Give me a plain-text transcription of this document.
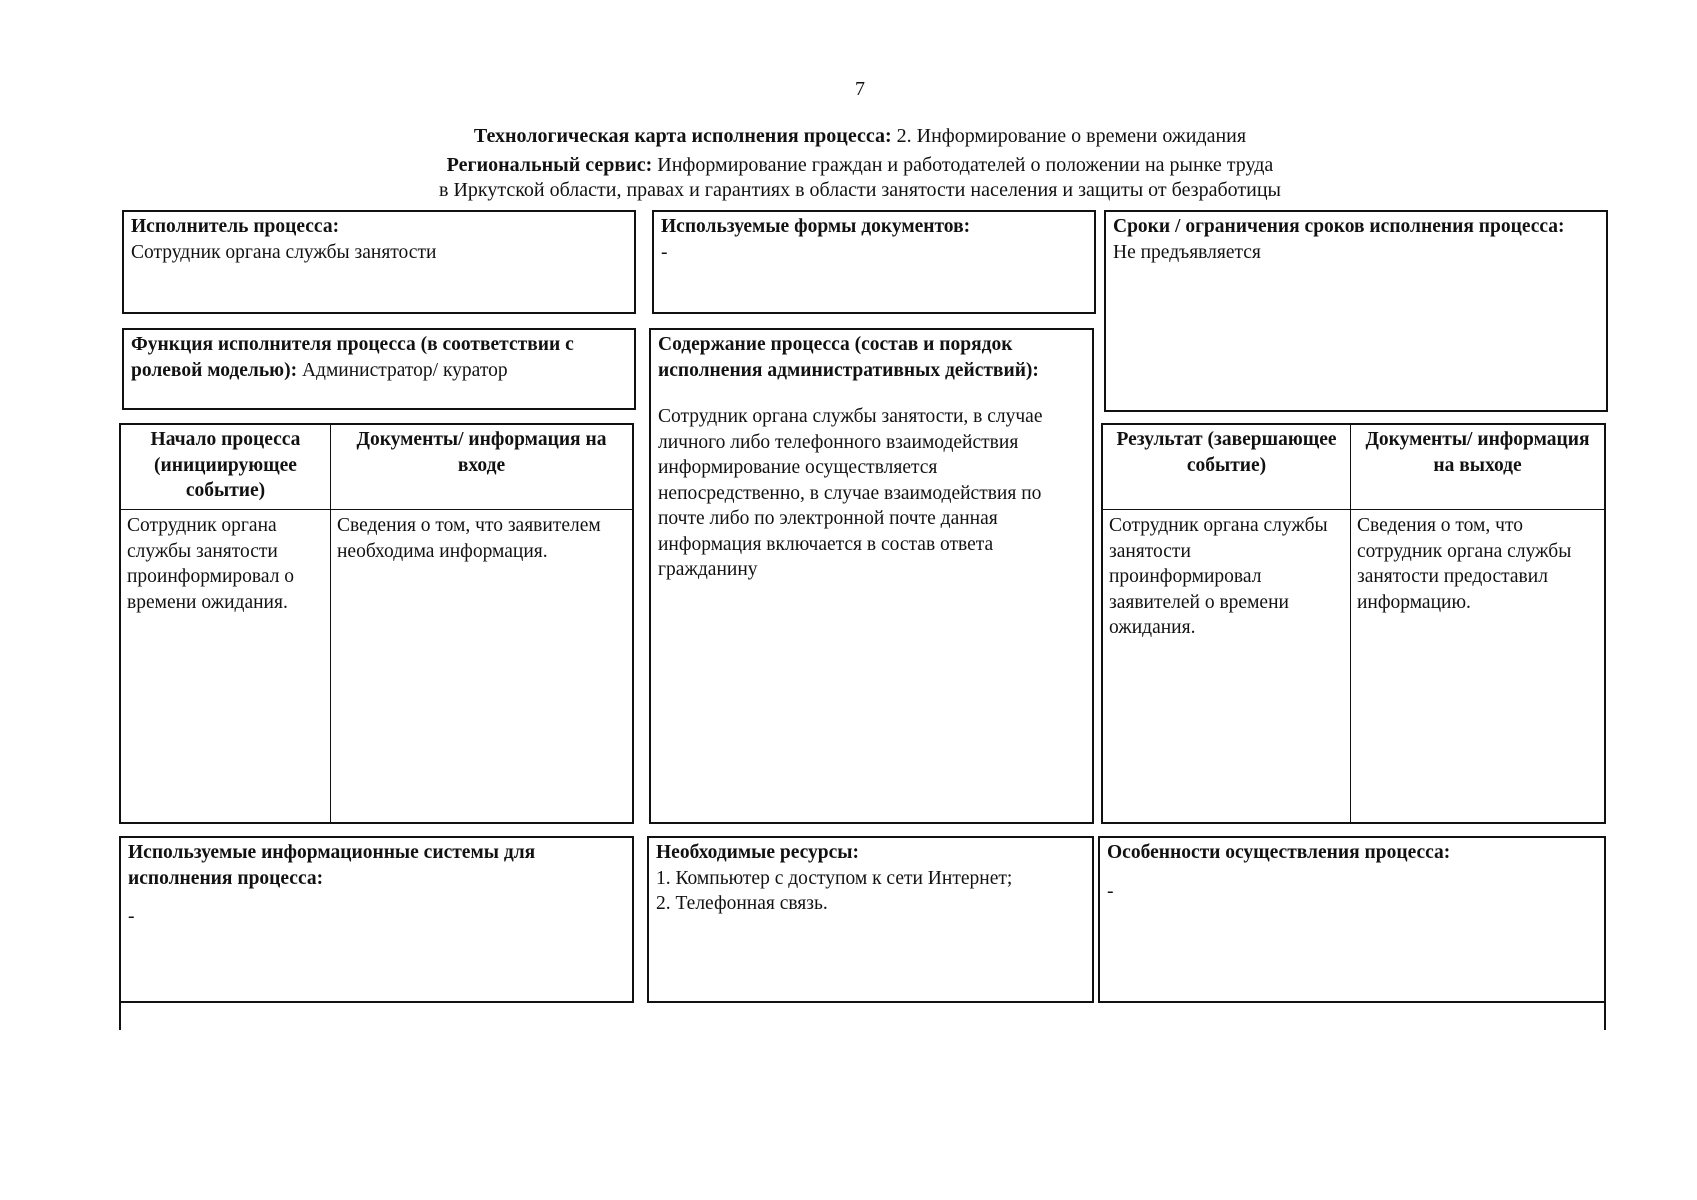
7
Технологическая карта исполнения процесса: 2. Информирование о времени ожидания
Региональный сервис: Информирование граждан и работодателей о положении на рынке труда
в Иркутской области, правах и гарантиях в области занятости населения и защиты от безработицы
Исполнитель процесса:
Сотрудник органа службы занятости
Используемые формы документов:
-
Сроки / ограничения сроков исполнения процесса:
Не предъявляется
Функция исполнителя процесса (в соответствии с ролевой моделью): Администратор/ куратор
Содержание процесса (состав и порядок исполнения административных действий):
Сотрудник органа службы занятости, в случае личного либо телефонного взаимодействия информирование осуществляется непосредственно, в случае взаимодействия по почте либо по электронной почте данная информация включается в состав ответа гражданину
Начало процесса (инициирующее событие)
Документы/ информация на входе
Сотрудник органа службы занятости проинформировал о времени ожидания.
Сведения о том, что заявителем необходима информация.
Результат (завершающее событие)
Документы/ информация на выходе
Сотрудник органа службы занятости проинформировал заявителей о времени ожидания.
Сведения о том, что сотрудник органа службы занятости предоставил информацию.
Используемые информационные системы для исполнения процесса:
-
Необходимые ресурсы:
1. Компьютер с доступом к сети Интернет;
2. Телефонная связь.
Особенности осуществления процесса:
-
